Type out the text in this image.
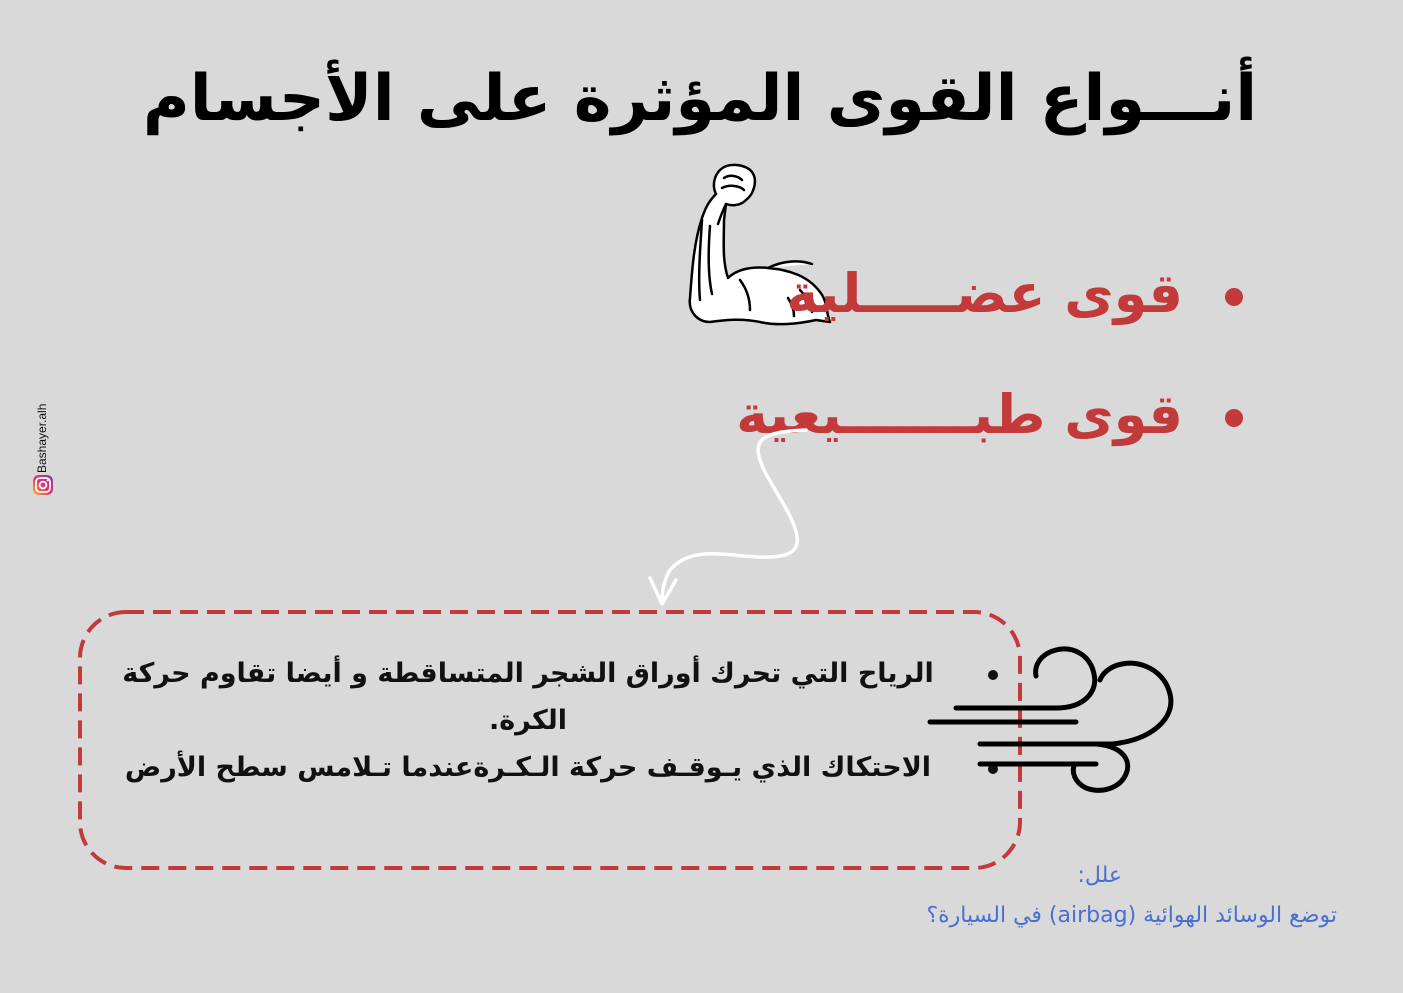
أنـــواع القوى المؤثرة على الأجسام
قوى عضـــــلية
قوى طبـــــــيعية
Bashayer.alh
الرياح التي تحرك أوراق الشجر المتساقطة و أيضا تقاوم حركة الكرة.
الاحتكاك الذي يـوقـف حركة الـكـرةعندما تـلامس سطح الأرض
علل:
توضع الوسائد الهوائية (airbag) في السيارة؟
